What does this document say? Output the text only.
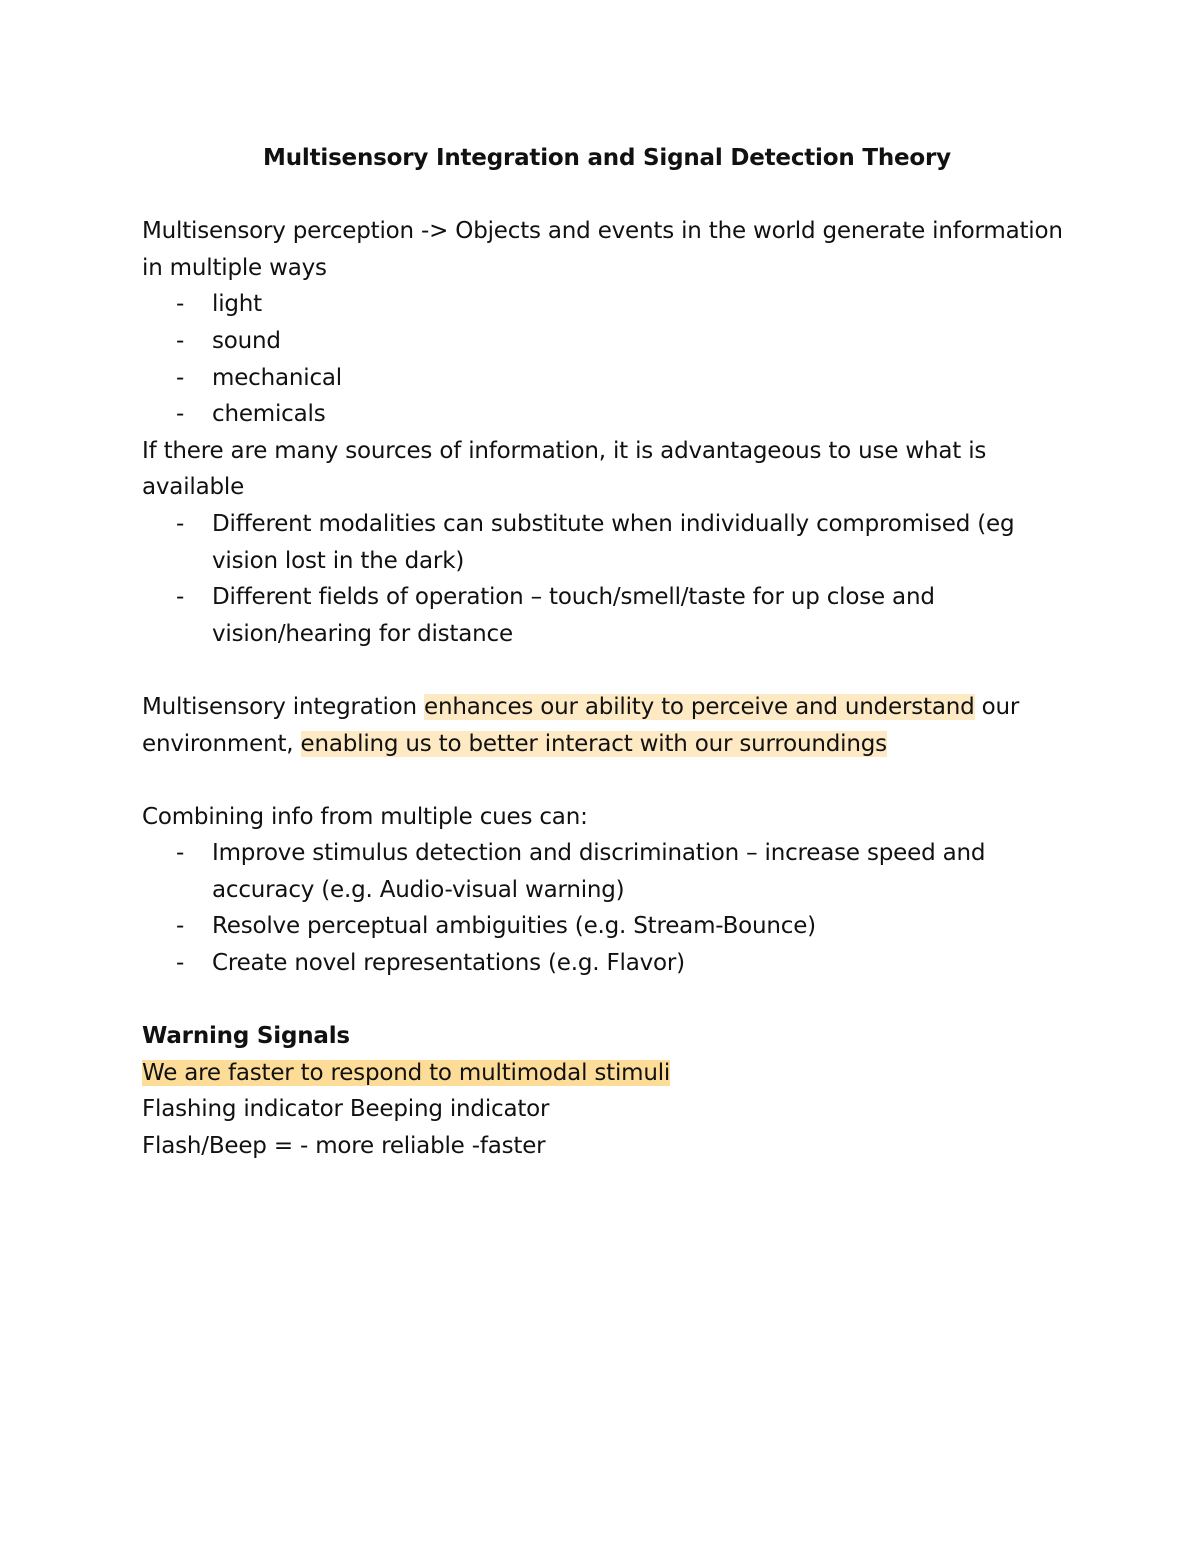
Multisensory Integration and Signal Detection Theory

Multisensory perception -> Objects and events in the world generate information in multiple ways

- light
- sound
- mechanical
- chemicals

If there are many sources of information, it is advantageous to use what is available

- Different modalities can substitute when individually compromised (eg vision lost in the dark)
- Different fields of operation – touch/smell/taste for up close and vision/hearing for distance

Multisensory integration enhances our ability to perceive and understand our environment, enabling us to better interact with our surroundings

Combining info from multiple cues can:

- Improve stimulus detection and discrimination – increase speed and accuracy (e.g. Audio-visual warning)
- Resolve perceptual ambiguities (e.g. Stream-Bounce)
- Create novel representations (e.g. Flavor)

Warning Signals

We are faster to respond to multimodal stimuli

Flashing indicator Beeping indicator

Flash/Beep = - more reliable -faster
